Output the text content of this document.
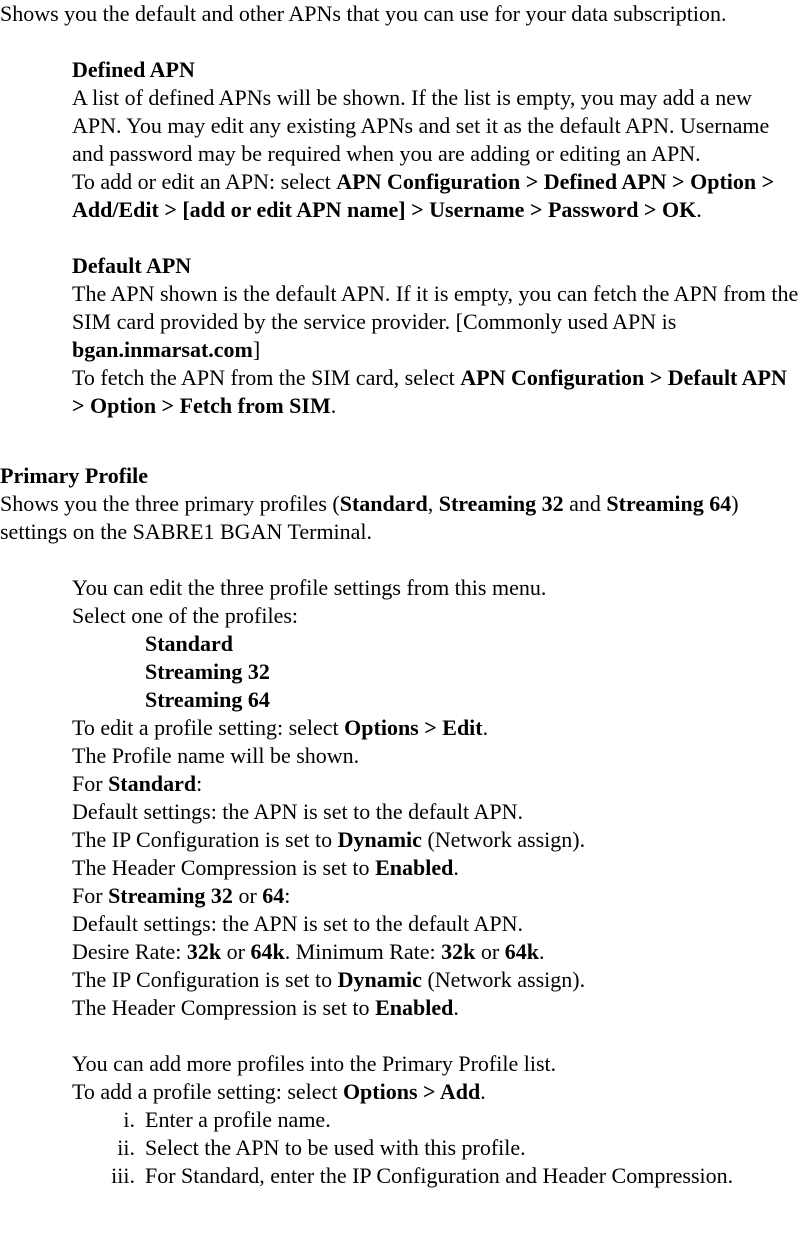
Shows you the default and other APNs that you can use for your data subscription.

Defined APN

A list of defined APNs will be shown. If the list is empty, you may add a new APN. You may edit any existing APNs and set it as the default APN. Username and password may be required when you are adding or editing an APN.

To add or edit an APN: select APN Configuration > Defined APN > Option > Add/Edit > [add or edit APN name] > Username > Password > OK.

Default APN

The APN shown is the default APN. If it is empty, you can fetch the APN from the SIM card provided by the service provider. [Commonly used APN is bgan.inmarsat.com]

To fetch the APN from the SIM card, select APN Configuration > Default APN > Option > Fetch from SIM.

Primary Profile

Shows you the three primary profiles (Standard, Streaming 32 and Streaming 64) settings on the SABRE1 BGAN Terminal.

You can edit the three profile settings from this menu.

Select one of the profiles:

Standard

Streaming 32

Streaming 64

To edit a profile setting: select Options > Edit.

The Profile name will be shown.

For Standard:

Default settings: the APN is set to the default APN.

The IP Configuration is set to Dynamic (Network assign).

The Header Compression is set to Enabled.

For Streaming 32 or 64:

Default settings: the APN is set to the default APN.

Desire Rate: 32k or 64k. Minimum Rate: 32k or 64k.

The IP Configuration is set to Dynamic (Network assign).

The Header Compression is set to Enabled.

You can add more profiles into the Primary Profile list.

To add a profile setting: select Options > Add.

i. Enter a profile name.
ii. Select the APN to be used with this profile.
iii. For Standard, enter the IP Configuration and Header Compression.
